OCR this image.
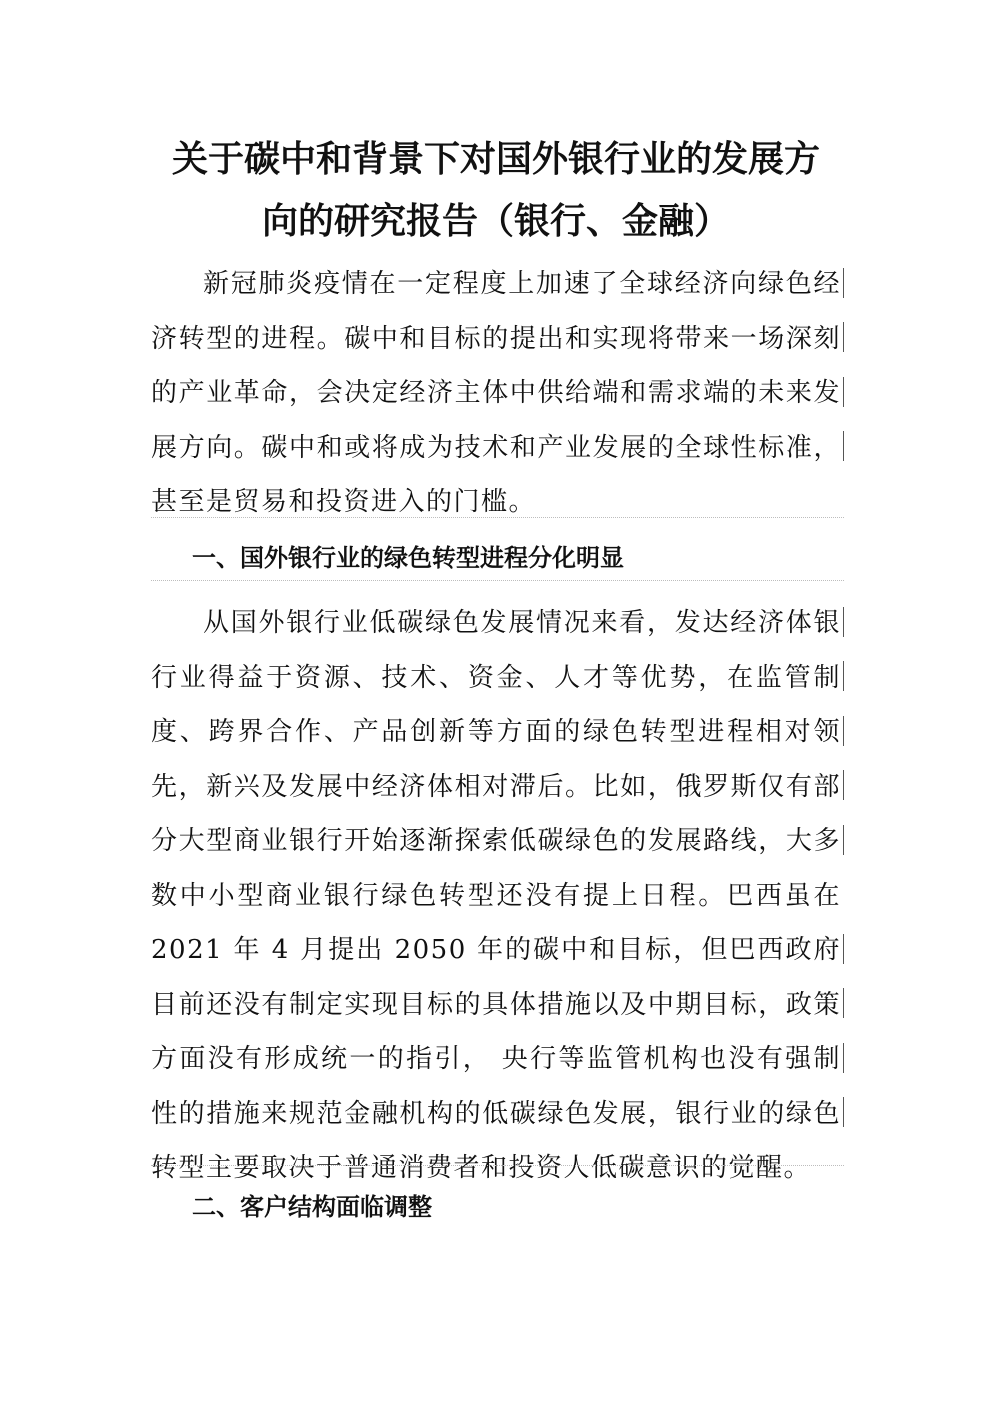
关于碳中和背景下对国外银行业的发展方
向的研究报告（银行、金融）

新冠肺炎疫情在一定程度上加速了全球经济向绿色经济转型的进程。碳中和目标的提出和实现将带来一场深刻的产业革命，会决定经济主体中供给端和需求端的未来发展方向。碳中和或将成为技术和产业发展的全球性标准，甚至是贸易和投资进入的门槛。

一、国外银行业的绿色转型进程分化明显

从国外银行业低碳绿色发展情况来看，发达经济体银行业得益于资源、技术、资金、人才等优势，在监管制度、跨界合作、产品创新等方面的绿色转型进程相对领先，新兴及发展中经济体相对滞后。比如，俄罗斯仅有部分大型商业银行开始逐渐探索低碳绿色的发展路线，大多数中小型商业银行绿色转型还没有提上日程。巴西虽在 2021 年 4 月提出 2050 年的碳中和目标，但巴西政府目前还没有制定实现目标的具体措施以及中期目标，政策方面没有形成统一的指引， 央行等监管机构也没有强制性的措施来规范金融机构的低碳绿色发展，银行业的绿色转型主要取决于普通消费者和投资人低碳意识的觉醒。

二、客户结构面临调整
